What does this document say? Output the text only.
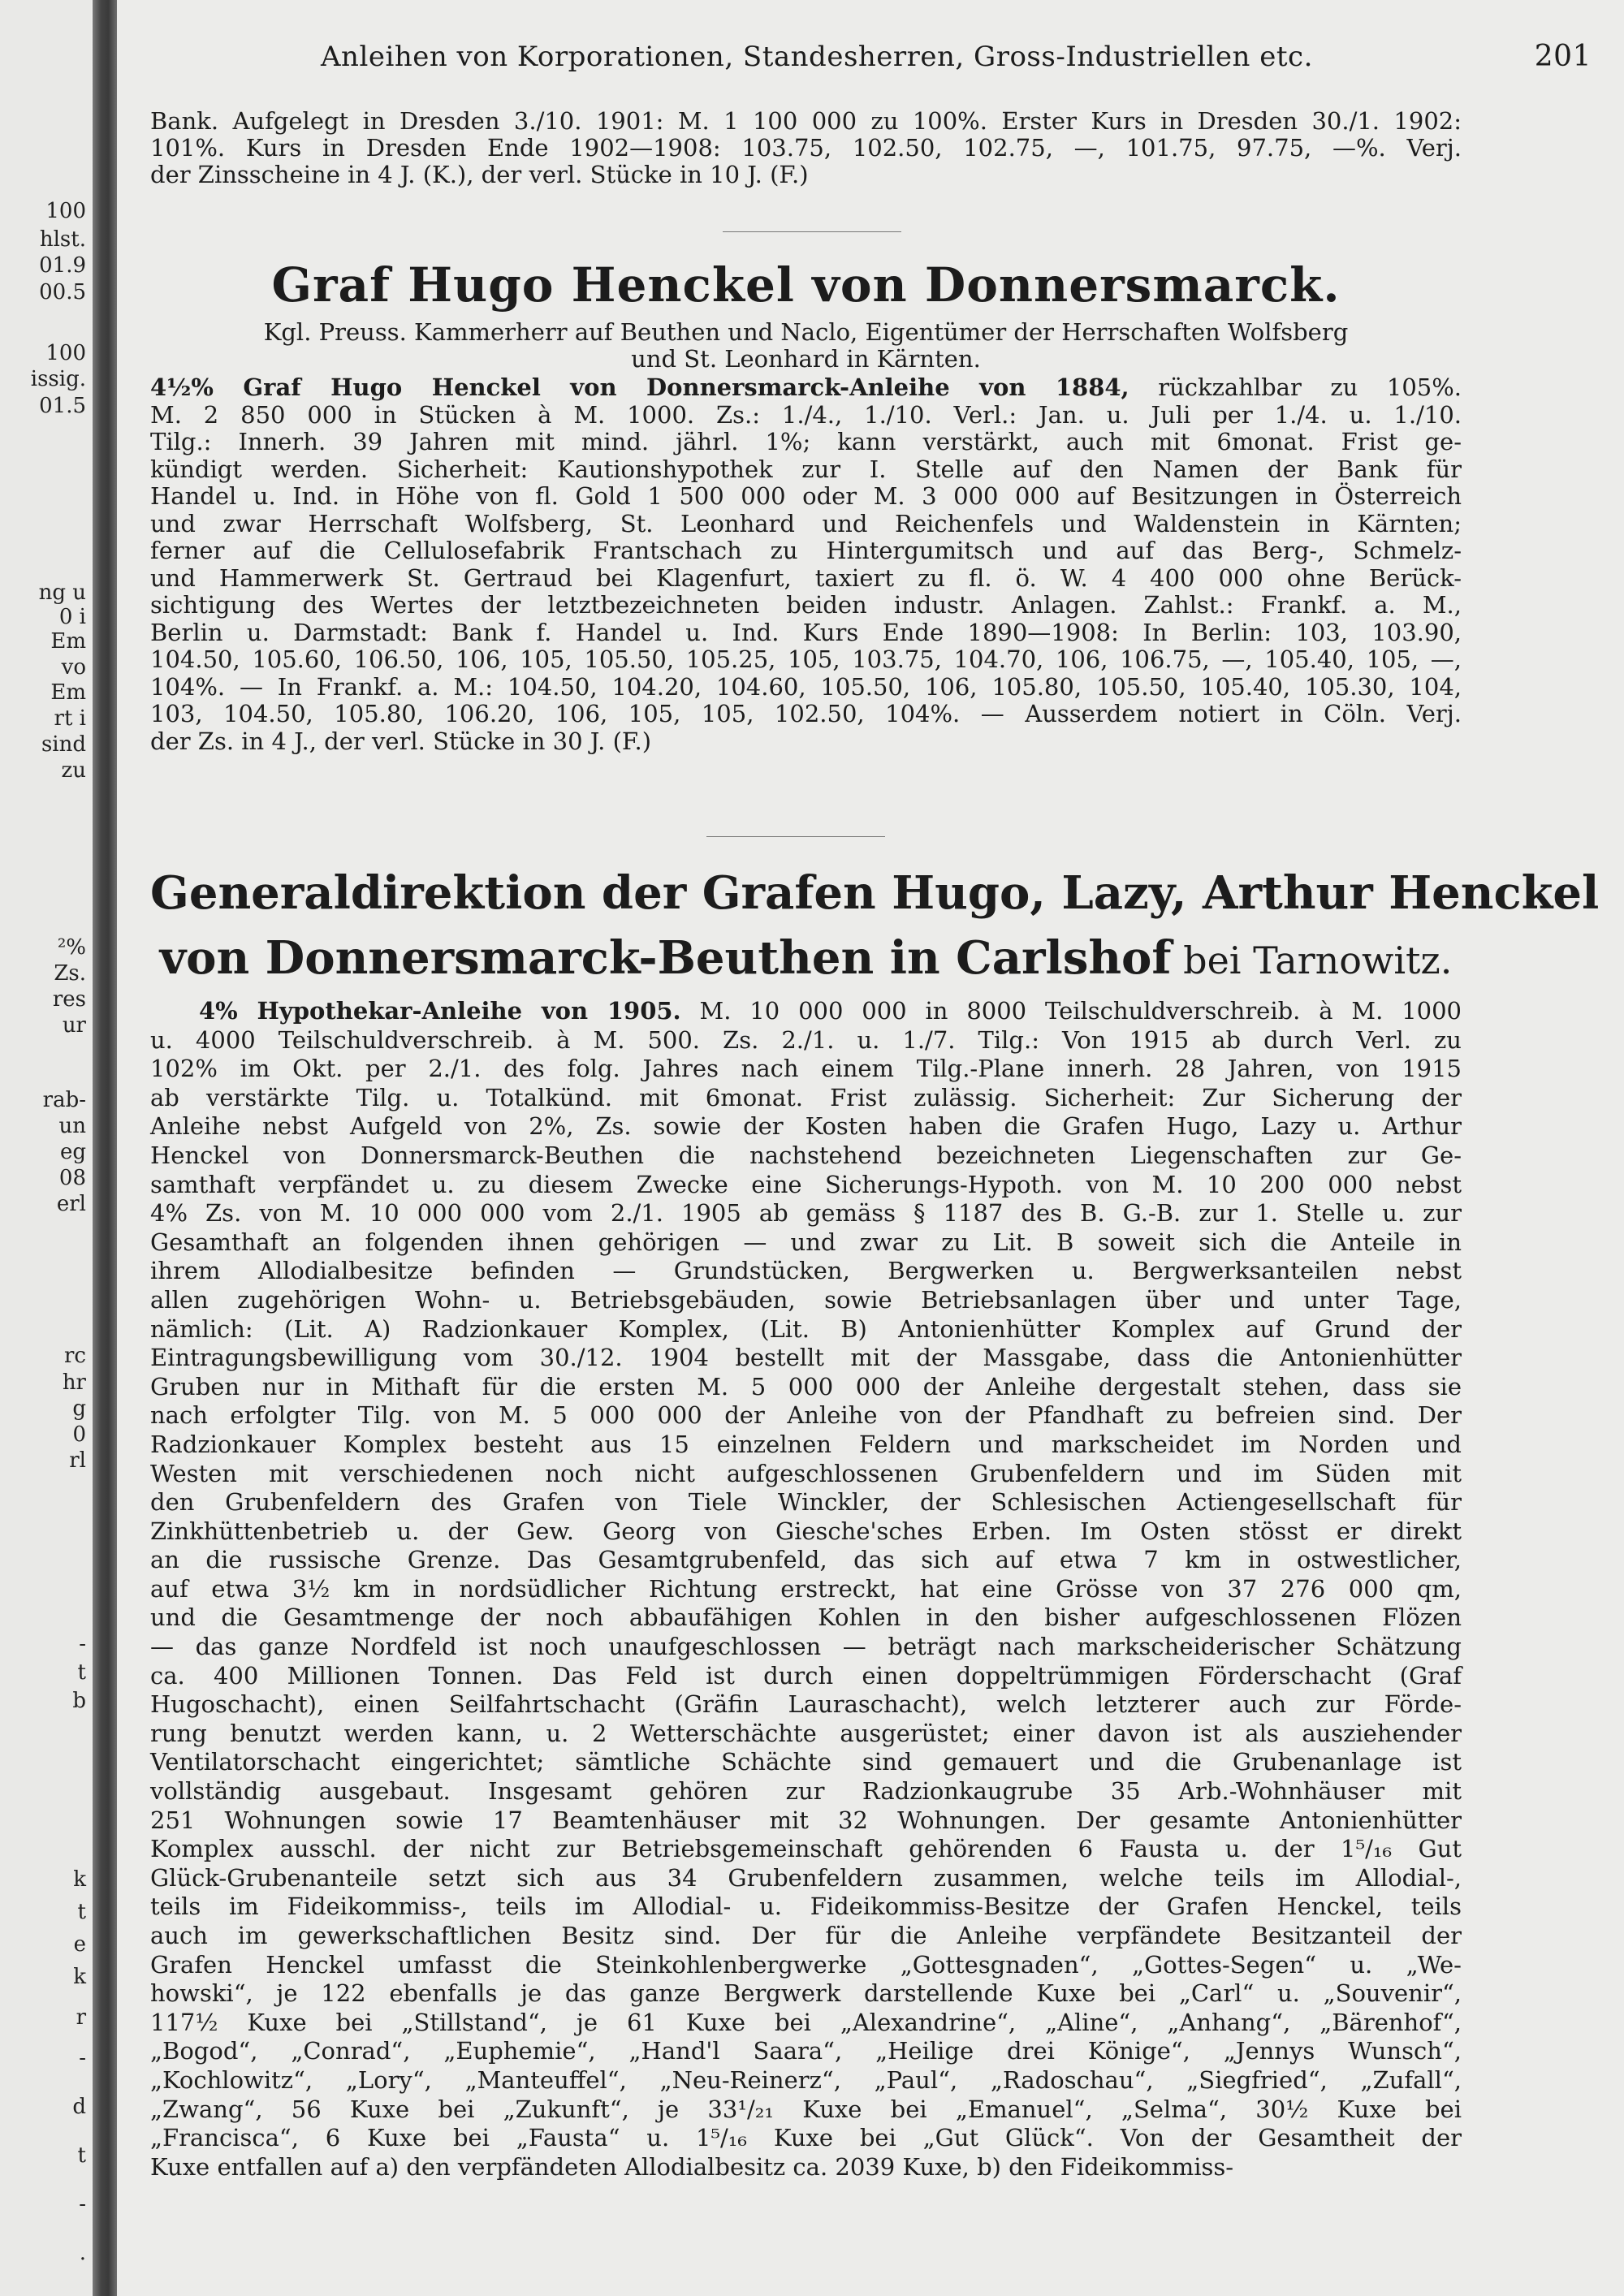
100
hlst.
01.9
00.5
100
issig.
01.5
ng u
0 i
Em
vo
Em
rt i
sind
zu
²%
Zs.
res
ur
rab-
un
eg
08
erl
rc
hr
g
0
rl
-
t
b
k
t
e
k
r
-
d
t
-
.
Anleihen von Korporationen, Standesherren, Gross-Industriellen etc.	201
Bank. Aufgelegt in Dresden 3./10. 1901: M. 1 100 000 zu 100%. Erster Kurs in Dresden 30./1. 1902:
101%. Kurs in Dresden Ende 1902—1908: 103.75, 102.50, 102.75, —, 101.75, 97.75, —%. Verj.
der Zinsscheine in 4 J. (K.), der verl. Stücke in 10 J. (F.)
Graf Hugo Henckel von Donnersmarck.
Kgl. Preuss. Kammerherr auf Beuthen und Naclo, Eigentümer der Herrschaften Wolfsberg
und St. Leonhard in Kärnten.
4½% Graf Hugo Henckel von Donnersmarck-Anleihe von 1884, rückzahlbar zu 105%.
M. 2 850 000 in Stücken à M. 1000. Zs.: 1./4., 1./10. Verl.: Jan. u. Juli per 1./4. u. 1./10.
Tilg.: Innerh. 39 Jahren mit mind. jährl. 1%; kann verstärkt, auch mit 6monat. Frist ge-
kündigt werden. Sicherheit: Kautionshypothek zur I. Stelle auf den Namen der Bank für
Handel u. Ind. in Höhe von fl. Gold 1 500 000 oder M. 3 000 000 auf Besitzungen in Österreich
und zwar Herrschaft Wolfsberg, St. Leonhard und Reichenfels und Waldenstein in Kärnten;
ferner auf die Cellulosefabrik Frantschach zu Hintergumitsch und auf das Berg-, Schmelz-
und Hammerwerk St. Gertraud bei Klagenfurt, taxiert zu fl. ö. W. 4 400 000 ohne Berück-
sichtigung des Wertes der letztbezeichneten beiden industr. Anlagen. Zahlst.: Frankf. a. M.,
Berlin u. Darmstadt: Bank f. Handel u. Ind. Kurs Ende 1890—1908: In Berlin: 103, 103.90,
104.50, 105.60, 106.50, 106, 105, 105.50, 105.25, 105, 103.75, 104.70, 106, 106.75, —, 105.40, 105, —,
104%. — In Frankf. a. M.: 104.50, 104.20, 104.60, 105.50, 106, 105.80, 105.50, 105.40, 105.30, 104,
103, 104.50, 105.80, 106.20, 106, 105, 105, 102.50, 104%. — Ausserdem notiert in Cöln. Verj.
der Zs. in 4 J., der verl. Stücke in 30 J. (F.)
Generaldirektion der Grafen Hugo, Lazy, Arthur Henckel
von Donnersmarck-Beuthen in Carlshof bei Tarnowitz.
4% Hypothekar-Anleihe von 1905. M. 10 000 000 in 8000 Teilschuldverschreib. à M. 1000
u. 4000 Teilschuldverschreib. à M. 500. Zs. 2./1. u. 1./7. Tilg.: Von 1915 ab durch Verl. zu
102% im Okt. per 2./1. des folg. Jahres nach einem Tilg.-Plane innerh. 28 Jahren, von 1915
ab verstärkte Tilg. u. Totalkünd. mit 6monat. Frist zulässig. Sicherheit: Zur Sicherung der
Anleihe nebst Aufgeld von 2%, Zs. sowie der Kosten haben die Grafen Hugo, Lazy u. Arthur
Henckel von Donnersmarck-Beuthen die nachstehend bezeichneten Liegenschaften zur Ge-
samthaft verpfändet u. zu diesem Zwecke eine Sicherungs-Hypoth. von M. 10 200 000 nebst
4% Zs. von M. 10 000 000 vom 2./1. 1905 ab gemäss § 1187 des B. G.-B. zur 1. Stelle u. zur
Gesamthaft an folgenden ihnen gehörigen — und zwar zu Lit. B soweit sich die Anteile in
ihrem Allodialbesitze befinden — Grundstücken, Bergwerken u. Bergwerksanteilen nebst
allen zugehörigen Wohn- u. Betriebsgebäuden, sowie Betriebsanlagen über und unter Tage,
nämlich: (Lit. A) Radzionkauer Komplex, (Lit. B) Antonienhütter Komplex auf Grund der
Eintragungsbewilligung vom 30./12. 1904 bestellt mit der Massgabe, dass die Antonienhütter
Gruben nur in Mithaft für die ersten M. 5 000 000 der Anleihe dergestalt stehen, dass sie
nach erfolgter Tilg. von M. 5 000 000 der Anleihe von der Pfandhaft zu befreien sind. Der
Radzionkauer Komplex besteht aus 15 einzelnen Feldern und markscheidet im Norden und
Westen mit verschiedenen noch nicht aufgeschlossenen Grubenfeldern und im Süden mit
den Grubenfeldern des Grafen von Tiele Winckler, der Schlesischen Actiengesellschaft für
Zinkhüttenbetrieb u. der Gew. Georg von Giesche'sches Erben. Im Osten stösst er direkt
an die russische Grenze. Das Gesamtgrubenfeld, das sich auf etwa 7 km in ostwestlicher,
auf etwa 3½ km in nordsüdlicher Richtung erstreckt, hat eine Grösse von 37 276 000 qm,
und die Gesamtmenge der noch abbaufähigen Kohlen in den bisher aufgeschlossenen Flözen
— das ganze Nordfeld ist noch unaufgeschlossen — beträgt nach markscheiderischer Schätzung
ca. 400 Millionen Tonnen. Das Feld ist durch einen doppeltrümmigen Förderschacht (Graf
Hugoschacht), einen Seilfahrtschacht (Gräfin Lauraschacht), welch letzterer auch zur Förde-
rung benutzt werden kann, u. 2 Wetterschächte ausgerüstet; einer davon ist als ausziehender
Ventilatorschacht eingerichtet; sämtliche Schächte sind gemauert und die Grubenanlage ist
vollständig ausgebaut. Insgesamt gehören zur Radzionkaugrube 35 Arb.-Wohnhäuser mit
251 Wohnungen sowie 17 Beamtenhäuser mit 32 Wohnungen. Der gesamte Antonienhütter
Komplex ausschl. der nicht zur Betriebsgemeinschaft gehörenden 6 Fausta u. der 1⁵/₁₆ Gut
Glück-Grubenanteile setzt sich aus 34 Grubenfeldern zusammen, welche teils im Allodial-,
teils im Fideikommiss-, teils im Allodial- u. Fideikommiss-Besitze der Grafen Henckel, teils
auch im gewerkschaftlichen Besitz sind. Der für die Anleihe verpfändete Besitzanteil der
Grafen Henckel umfasst die Steinkohlenbergwerke „Gottesgnaden“, „Gottes-Segen“ u. „We-
howski“, je 122 ebenfalls je das ganze Bergwerk darstellende Kuxe bei „Carl“ u. „Souvenir“,
117½ Kuxe bei „Stillstand“, je 61 Kuxe bei „Alexandrine“, „Aline“, „Anhang“, „Bärenhof“,
„Bogod“, „Conrad“, „Euphemie“, „Hand'l Saara“, „Heilige drei Könige“, „Jennys Wunsch“,
„Kochlowitz“, „Lory“, „Manteuffel“, „Neu-Reinerz“, „Paul“, „Radoschau“, „Siegfried“, „Zufall“,
„Zwang“, 56 Kuxe bei „Zukunft“, je 33¹/₂₁ Kuxe bei „Emanuel“, „Selma“, 30½ Kuxe bei
„Francisca“, 6 Kuxe bei „Fausta“ u. 1⁵/₁₆ Kuxe bei „Gut Glück“. Von der Gesamtheit der
Kuxe entfallen auf a) den verpfändeten Allodialbesitz ca. 2039 Kuxe, b) den Fideikommiss-
